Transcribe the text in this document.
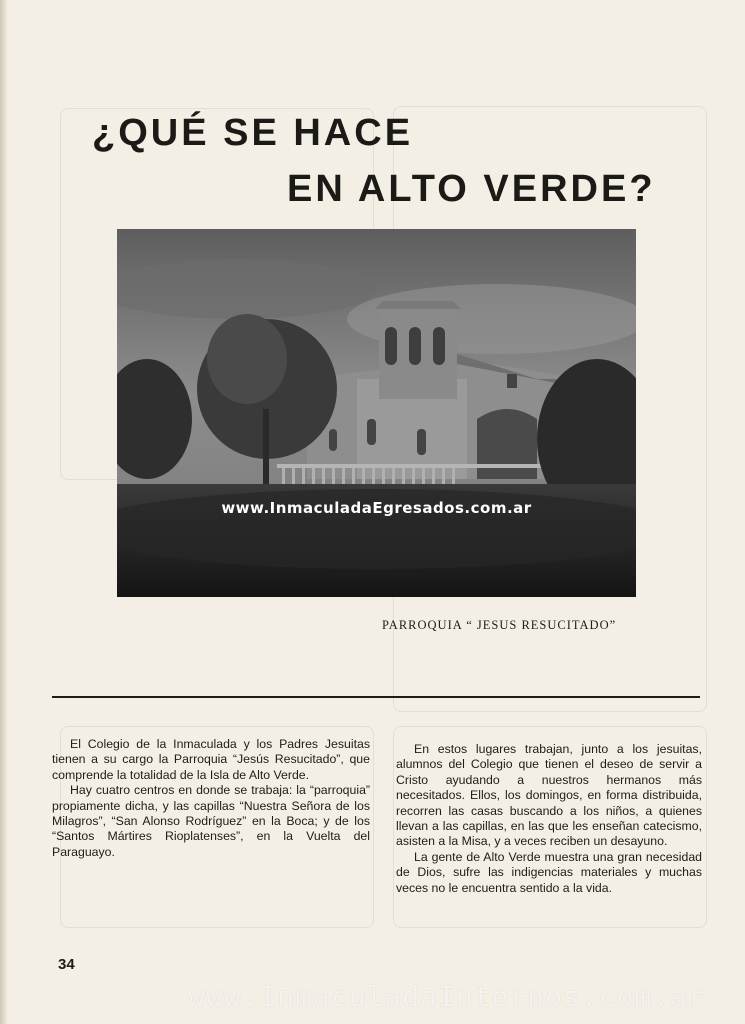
¿QUÉ SE HACE
EN ALTO VERDE?
www.InmaculadaEgresados.com.ar
PARROQUIA “ JESUS RESUCITADO”

El Colegio de la Inmaculada y los Padres Jesuitas tienen a su cargo la Parroquia “Jesús Resucitado”, que comprende la totalidad de la Isla de Alto Verde.

Hay cuatro centros en donde se trabaja: la “parroquia” propiamente dicha, y las capillas “Nuestra Señora de los Milagros”, “San Alonso Rodríguez” en la Boca; y de los “Santos Mártires Rioplatenses”, en la Vuelta del Paraguayo.

En estos lugares trabajan, junto a los jesuitas, alumnos del Colegio que tienen el deseo de servir a Cristo ayudando a nuestros hermanos más necesitados. Ellos, los domingos, en forma distribuida, recorren las casas buscando a los niños, a quienes llevan a las capillas, en las que les enseñan catecismo, asisten a la Misa, y a veces reciben un desayuno.

La gente de Alto Verde muestra una gran necesidad de Dios, sufre las indigencias materiales y muchas veces no le encuentra sentido a la vida.

34
www.InmaculadaInternos.com.ar
